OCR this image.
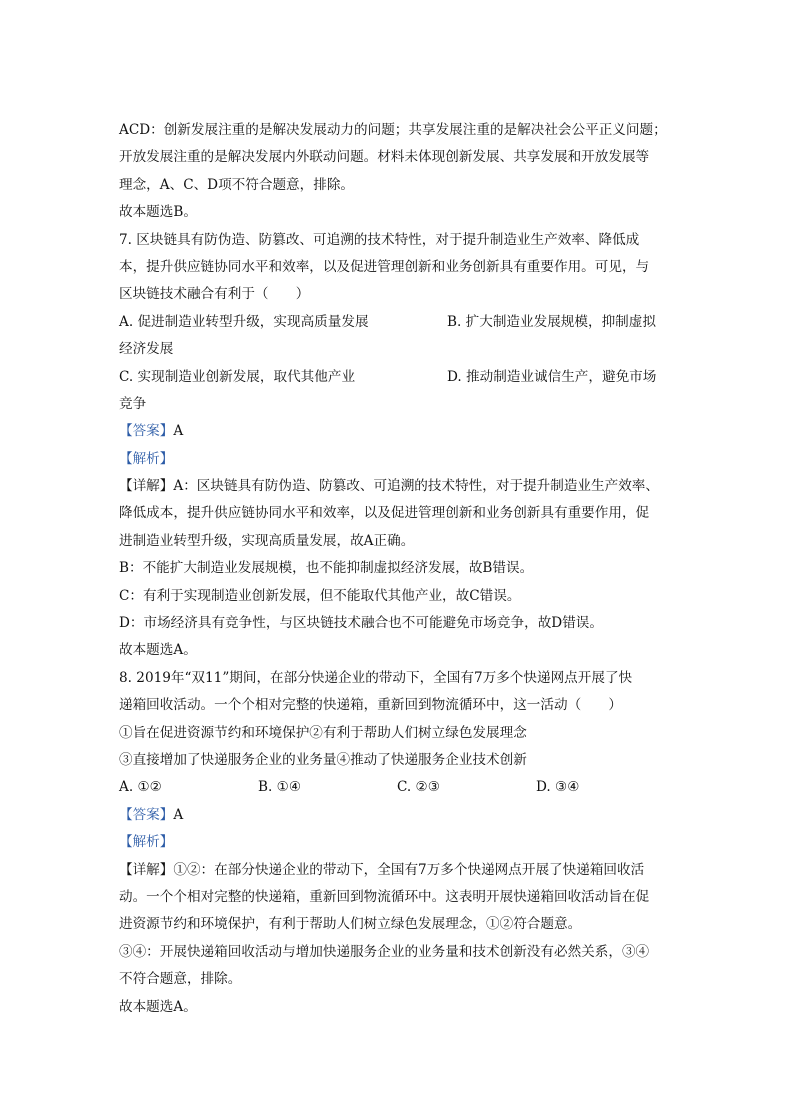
ACD：创新发展注重的是解决发展动力的问题；共享发展注重的是解决社会公平正义问题；
开放发展注重的是解决发展内外联动问题。材料未体现创新发展、共享发展和开放发展等
理念，A、C、D项不符合题意，排除。
故本题选B。
7. 区块链具有防伪造、防篡改、可追溯的技术特性，对于提升制造业生产效率、降低成
本，提升供应链协同水平和效率，以及促进管理创新和业务创新具有重要作用。可见，与
区块链技术融合有利于（　　）
A. 促进制造业转型升级，实现高质量发展	B. 扩大制造业发展规模，抑制虚拟
经济发展
C. 实现制造业创新发展，取代其他产业	D. 推动制造业诚信生产，避免市场
竞争
【答案】A
【解析】
【详解】A：区块链具有防伪造、防篡改、可追溯的技术特性，对于提升制造业生产效率、
降低成本，提升供应链协同水平和效率，以及促进管理创新和业务创新具有重要作用，促
进制造业转型升级，实现高质量发展，故A正确。
B：不能扩大制造业发展规模，也不能抑制虚拟经济发展，故B错误。
C：有利于实现制造业创新发展，但不能取代其他产业，故C错误。
D：市场经济具有竞争性，与区块链技术融合也不可能避免市场竞争，故D错误。
故本题选A。
8. 2019年“双11”期间，在部分快递企业的带动下，全国有7万多个快递网点开展了快
递箱回收活动。一个个相对完整的快递箱，重新回到物流循环中，这一活动（　　）
①旨在促进资源节约和环境保护②有利于帮助人们树立绿色发展理念
③直接增加了快递服务企业的业务量④推动了快递服务企业技术创新
A. ①②	B. ①④	C. ②③	D. ③④
【答案】A
【解析】
【详解】①②：在部分快递企业的带动下，全国有7万多个快递网点开展了快递箱回收活
动。一个个相对完整的快递箱，重新回到物流循环中。这表明开展快递箱回收活动旨在促
进资源节约和环境保护，有利于帮助人们树立绿色发展理念，①②符合题意。
③④：开展快递箱回收活动与增加快递服务企业的业务量和技术创新没有必然关系，③④
不符合题意，排除。
故本题选A。
